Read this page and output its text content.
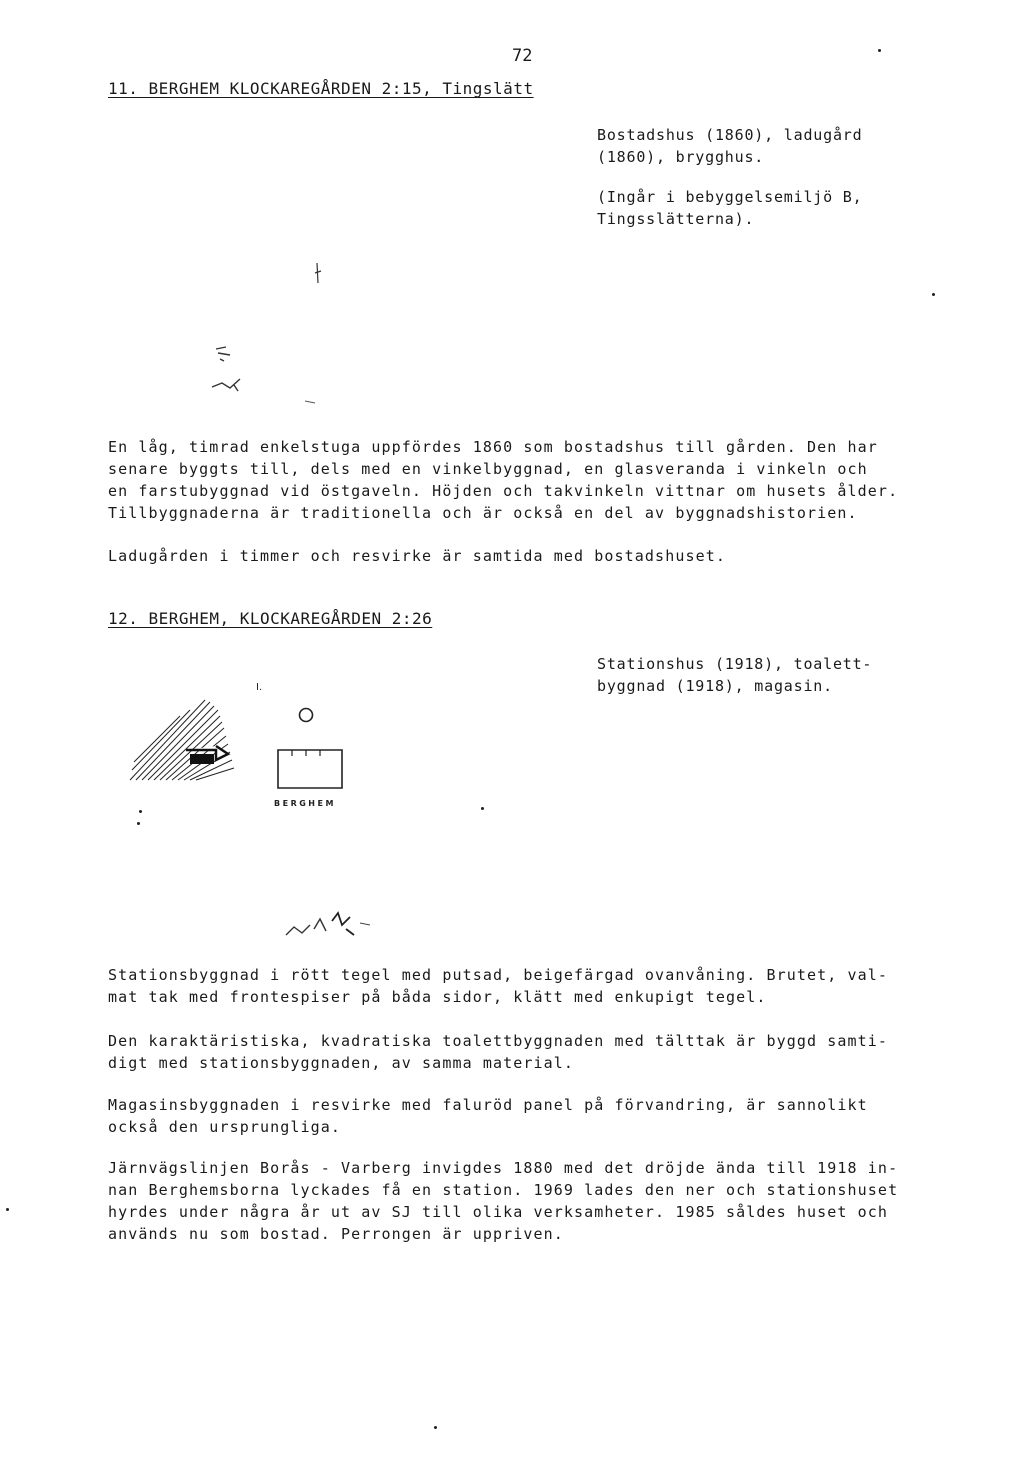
72
11. BERGHEM KLOCKAREGÅRDEN 2:15, Tingslätt
Bostadshus (1860), ladugård
(1860), brygghus.
(Ingår i bebyggelsemiljö B,
Tingsslätterna).
En låg, timrad enkelstuga uppfördes 1860 som bostadshus till gården. Den har
senare byggts till, dels med en vinkelbyggnad, en glasveranda i vinkeln och
en farstubyggnad vid östgaveln. Höjden och takvinkeln vittnar om husets ålder.
Tillbyggnaderna är traditionella och är också en del av byggnadshistorien.
Ladugården i timmer och resvirke är samtida med bostadshuset.
12. BERGHEM, KLOCKAREGÅRDEN 2:26
Stationshus (1918), toalett-
byggnad (1918), magasin.
I.
BERGHEM
Stationsbyggnad i rött tegel med putsad, beigefärgad ovanvåning. Brutet, val-
mat tak med frontespiser på båda sidor, klätt med enkupigt tegel.
Den karaktäristiska, kvadratiska toalettbyggnaden med tälttak är byggd samti-
digt med stationsbyggnaden, av samma material.
Magasinsbyggnaden i resvirke med faluröd panel på förvandring, är sannolikt
också den ursprungliga.
Järnvägslinjen Borås - Varberg invigdes 1880 med det dröjde ända till 1918 in-
nan Berghemsborna lyckades få en station. 1969 lades den ner och stationshuset
hyrdes under några år ut av SJ till olika verksamheter. 1985 såldes huset och
används nu som bostad. Perrongen är uppriven.
